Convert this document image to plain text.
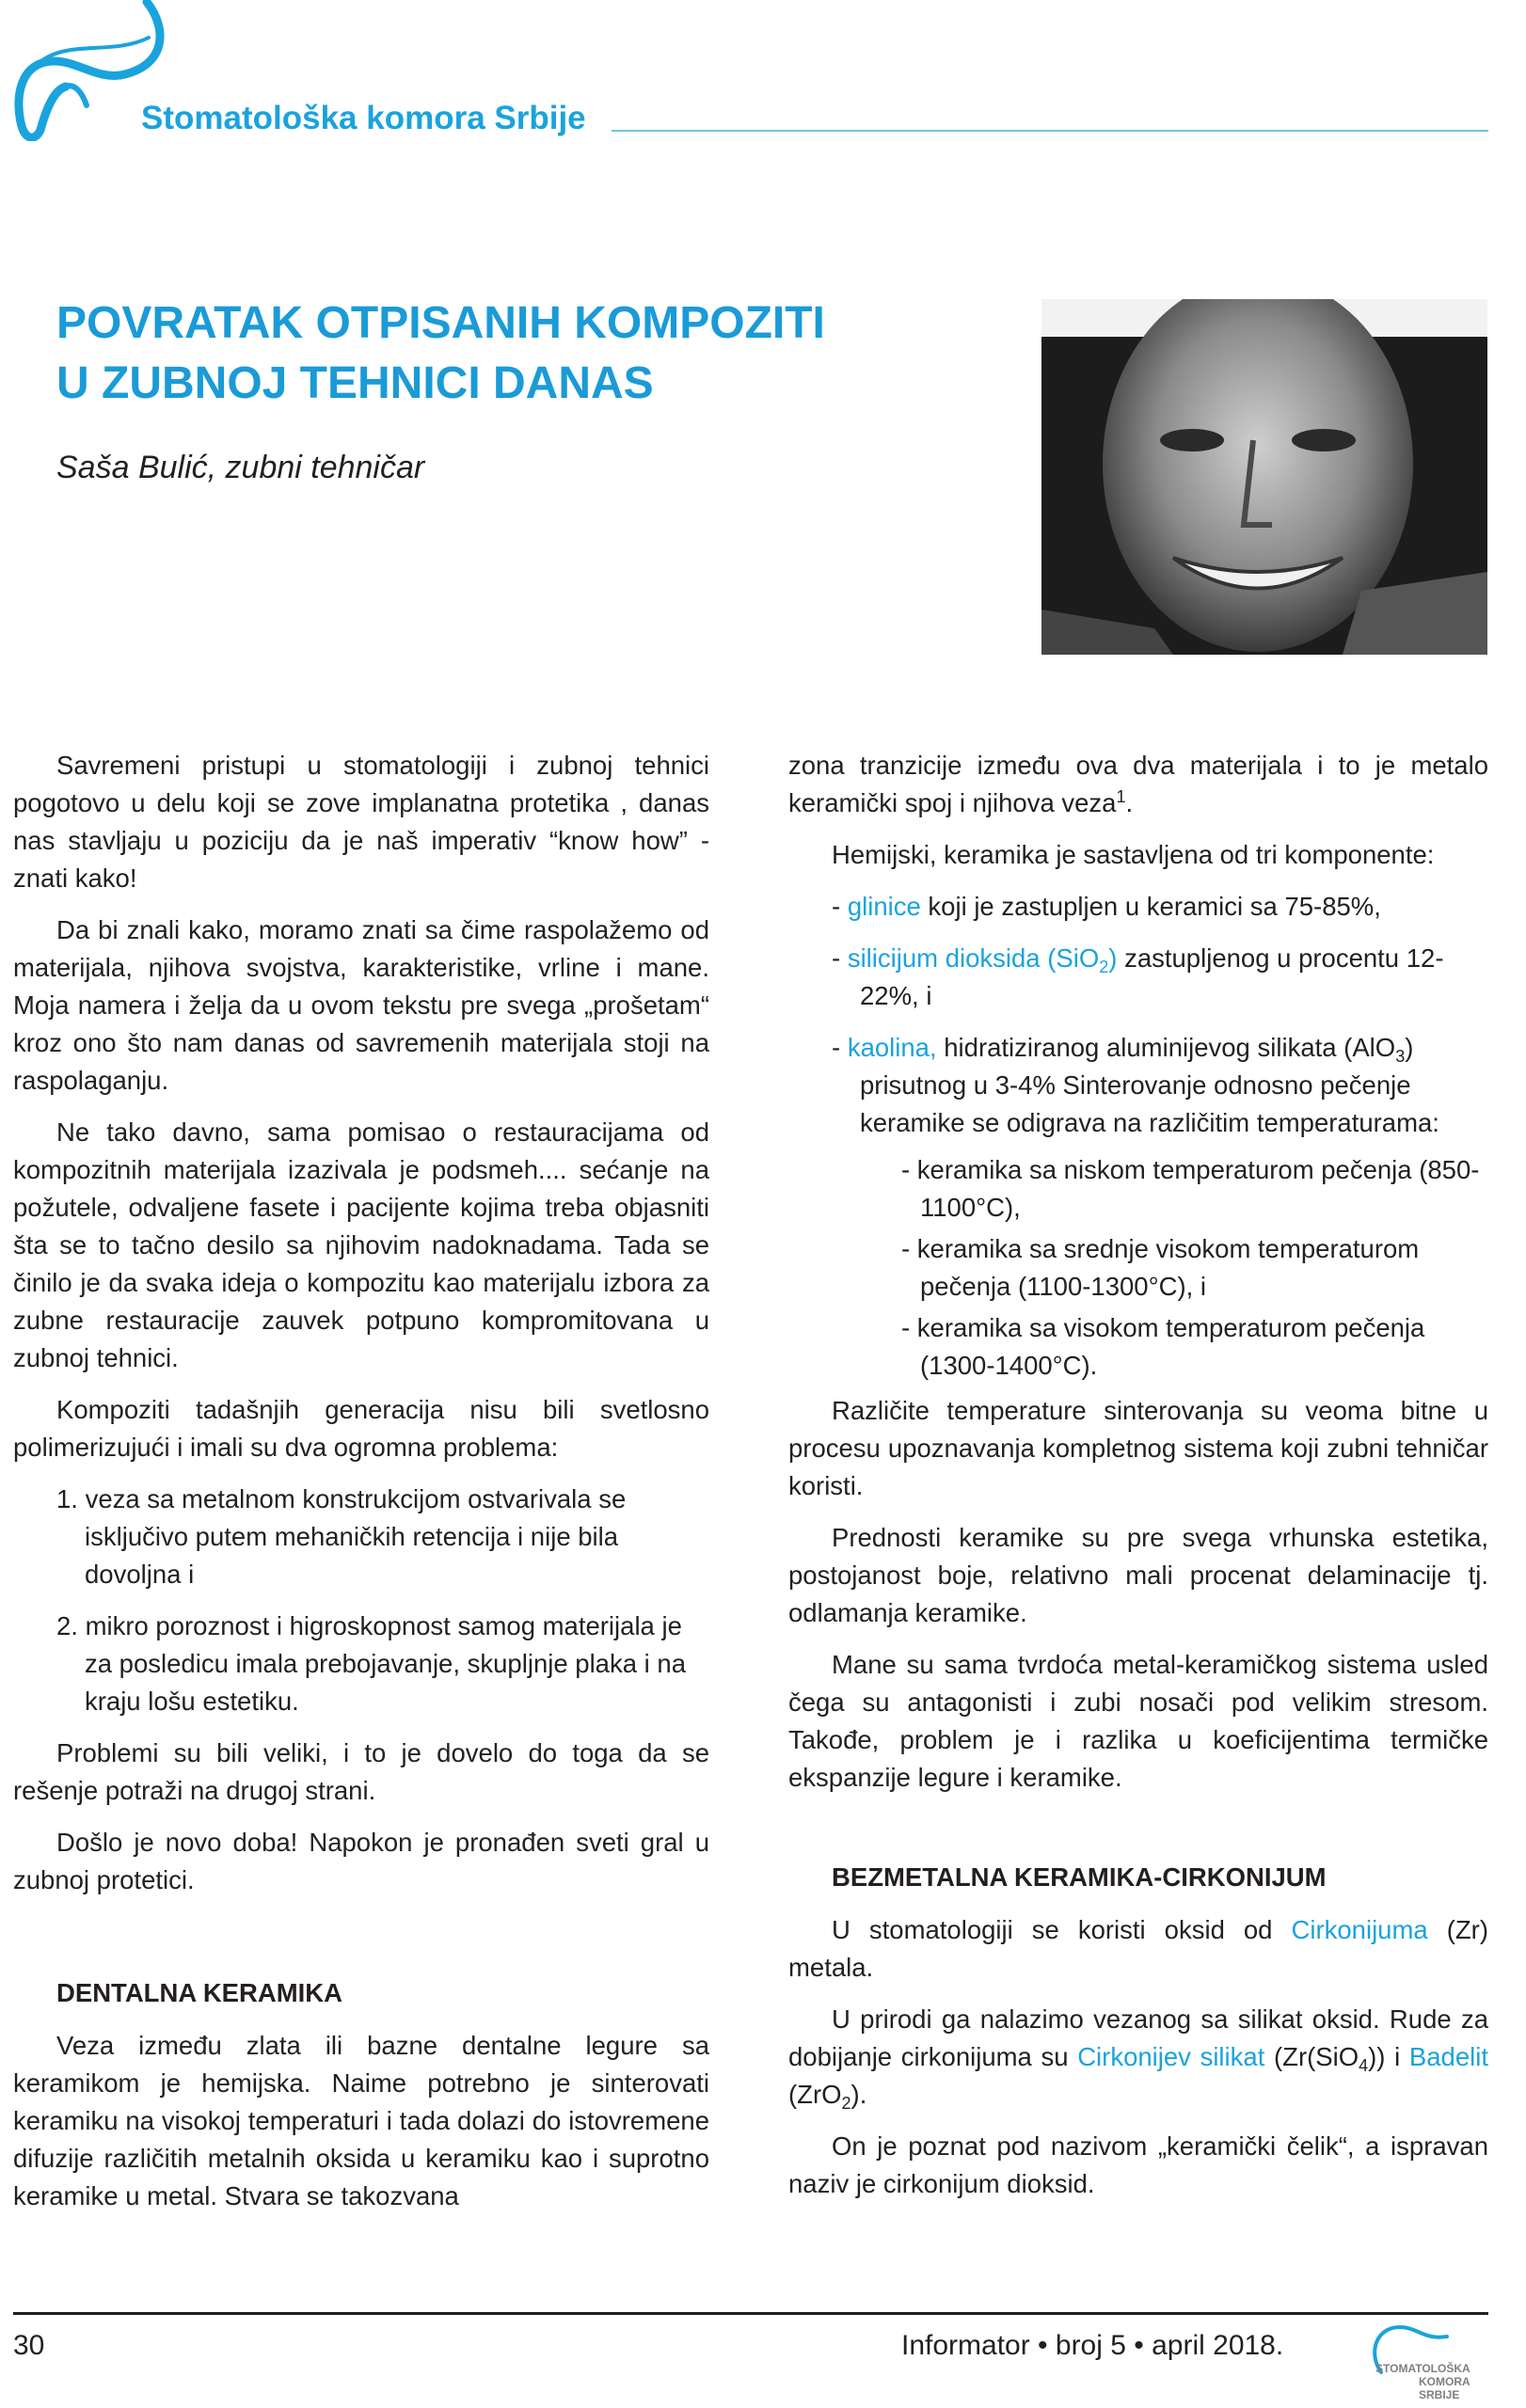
Stomatološka komora Srbije
POVRATAK OTPISANIH KOMPOZITI
U ZUBNOJ TEHNICI DANAS
Saša Bulić, zubni tehničar

Savremeni pristupi u stomatologiji i zubnoj tehnici pogotovo u delu koji se zove implanatna protetika , danas nas stavljaju u poziciju da je naš imperativ “know how” - znati kako!

Da bi znali kako, moramo znati sa čime raspolažemo od materijala, njihova svojstva, karakteristike, vrline i mane. Moja namera i želja da u ovom tekstu pre svega „prošetam“ kroz ono što nam danas od savremenih materijala stoji na raspolaganju.

Ne tako davno, sama pomisao o restauracijama od kompozitnih materijala izazivala je podsmeh.... sećanje na požutele, odvaljene fasete i pacijente kojima treba objasniti šta se to tačno desilo sa njihovim nadoknadama. Tada se činilo je da svaka ideja o kompozitu kao materijalu izbora za zubne restauracije zauvek potpuno kompromitovana u zubnoj tehnici.

Kompoziti tadašnjih generacija nisu bili svetlosno polimerizujući i imali su dva ogromna problema:

1. veza sa metalnom konstrukcijom ostvarivala se isključivo putem mehaničkih retencija i nije bila dovoljna i

2. mikro poroznost i higroskopnost samog materijala je za posledicu imala prebojavanje, skupljnje plaka i na kraju lošu estetiku.

Problemi su bili veliki, i to je dovelo do toga da se rešenje potraži na drugoj strani.

Došlo je novo doba! Napokon je pronađen sveti gral u zubnoj protetici.

DENTALNA KERAMIKA

Veza između zlata ili bazne dentalne legure sa keramikom je hemijska. Naime potrebno je sinterovati keramiku na visokoj temperaturi i tada dolazi do istovremene difuzije različitih metalnih oksida u keramiku kao i suprotno keramike u metal. Stvara se takozvana

zona tranzicije između ova dva materijala i to je metalo keramički spoj i njihova veza$^1$.

Hemijski, keramika je sastavljena od tri komponente:

- glinice koji je zastupljen u keramici sa 75-85%,

- silicijum dioksida (SiO$_2$) zastupljenog u procentu 12-22%, i

- kaolina, hidratiziranog aluminijevog silikata (AlO$_3$) prisutnog u 3-4% Sinterovanje odnosno pečenje keramike se odigrava na različitim temperaturama:

- keramika sa niskom temperaturom pečenja (850-1100°C),

- keramika sa srednje visokom temperaturom pečenja (1100-1300°C), i

- keramika sa visokom temperaturom pečenja (1300-1400°C).

Različite temperature sinterovanja su veoma bitne u procesu upoznavanja kompletnog sistema koji zubni tehničar koristi.

Prednosti keramike su pre svega vrhunska estetika, postojanost boje, relativno mali procenat delaminacije tj. odlamanja keramike.

Mane su sama tvrdoća metal-keramičkog sistema usled čega su antagonisti i zubi nosači pod velikim stresom. Takođe, problem je i razlika u koeficijentima termičke ekspanzije legure i keramike.

BEZMETALNA KERAMIKA-CIRKONIJUM

U stomatologiji se koristi oksid od Cirkonijuma (Zr) metala.

U prirodi ga nalazimo vezanog sa silikat oksid. Rude za dobijanje cirkonijuma su Cirkonijev silikat (Zr(SiO$_4$)) i Badelit (ZrO$_2$).

On je poznat pod nazivom „keramički čelik“, a ispravan naziv je cirkonijum dioksid.

30	Informator • broj 5 • april 2018.
STOMATOLOŠKA
KOMORA
SRBIJE
